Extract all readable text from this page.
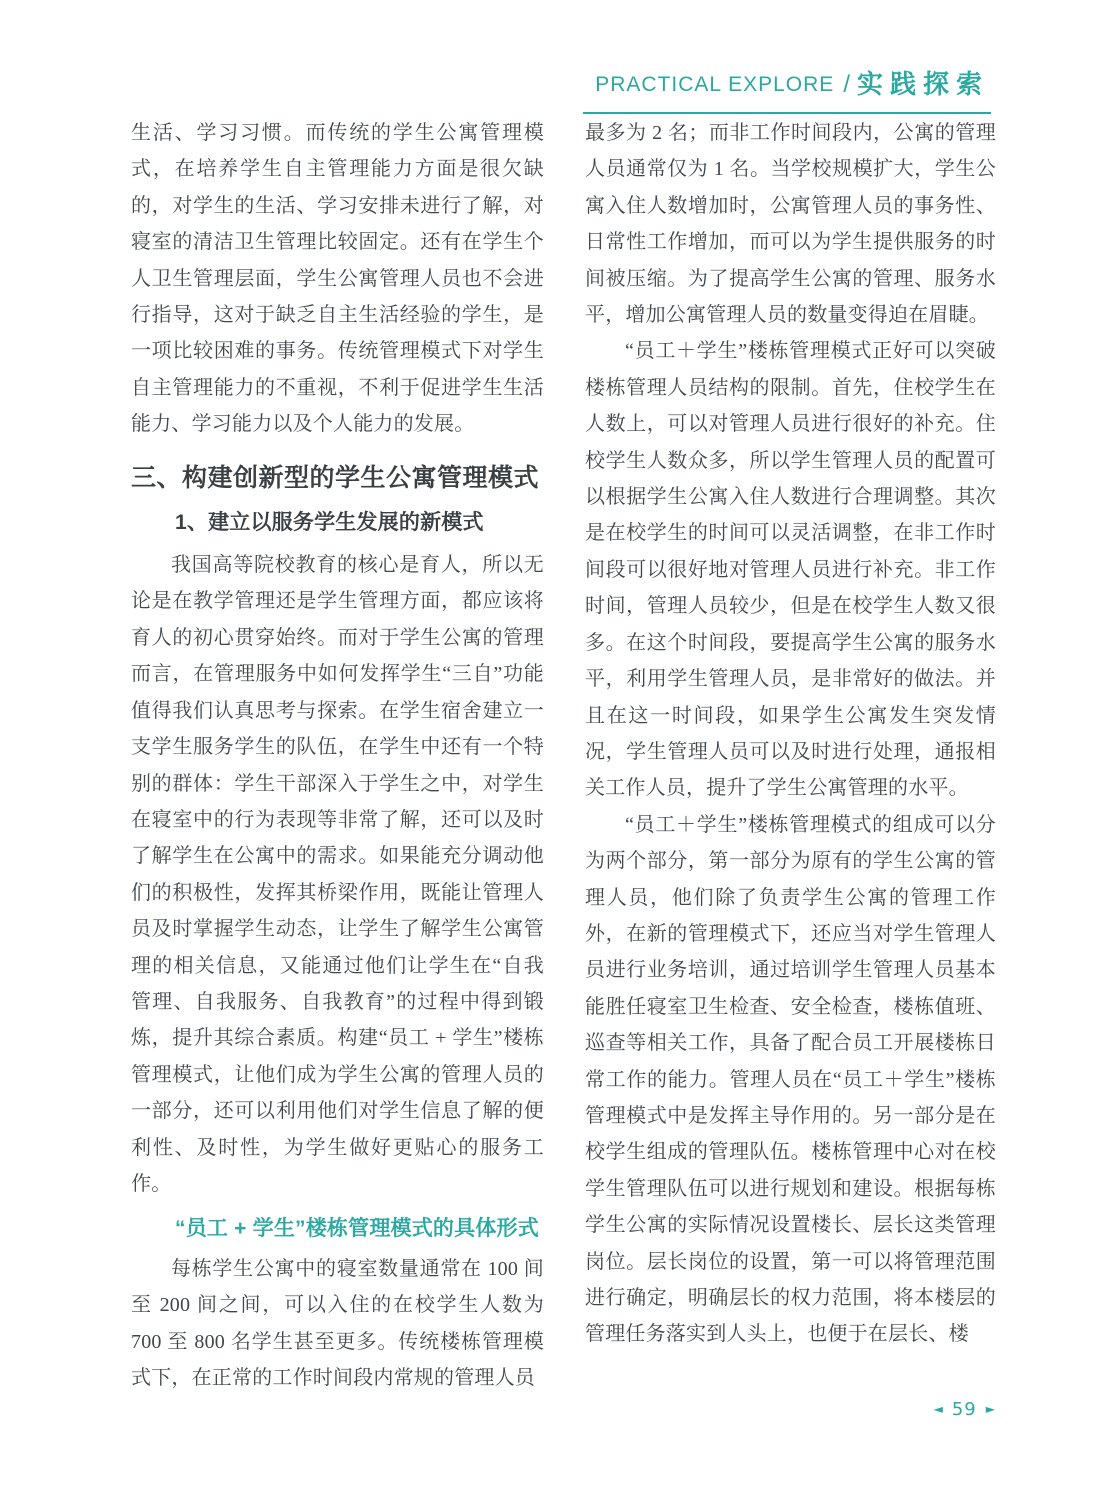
PRACTICAL EXPLORE / 实践探索

生活、学习习惯。而传统的学生公寓管理模式，在培养学生自主管理能力方面是很欠缺的，对学生的生活、学习安排未进行了解，对寝室的清洁卫生管理比较固定。还有在学生个人卫生管理层面，学生公寓管理人员也不会进行指导，这对于缺乏自主生活经验的学生，是一项比较困难的事务。传统管理模式下对学生自主管理能力的不重视，不利于促进学生生活能力、学习能力以及个人能力的发展。

三、构建创新型的学生公寓管理模式
1、建立以服务学生发展的新模式

我国高等院校教育的核心是育人，所以无论是在教学管理还是学生管理方面，都应该将育人的初心贯穿始终。而对于学生公寓的管理而言，在管理服务中如何发挥学生“三自”功能值得我们认真思考与探索。在学生宿舍建立一支学生服务学生的队伍，在学生中还有一个特别的群体：学生干部深入于学生之中，对学生在寝室中的行为表现等非常了解，还可以及时了解学生在公寓中的需求。如果能充分调动他们的积极性，发挥其桥梁作用，既能让管理人员及时掌握学生动态，让学生了解学生公寓管理的相关信息，又能通过他们让学生在“自我管理、自我服务、自我教育”的过程中得到锻炼，提升其综合素质。构建“员工 + 学生”楼栋管理模式，让他们成为学生公寓的管理人员的一部分，还可以利用他们对学生信息了解的便利性、及时性，为学生做好更贴心的服务工作。

“员工 + 学生”楼栋管理模式的具体形式

每栋学生公寓中的寝室数量通常在 100 间至 200 间之间，可以入住的在校学生人数为 700 至 800 名学生甚至更多。传统楼栋管理模式下，在正常的工作时间段内常规的管理人员

最多为 2 名；而非工作时间段内，公寓的管理人员通常仅为 1 名。当学校规模扩大，学生公寓入住人数增加时，公寓管理人员的事务性、日常性工作增加，而可以为学生提供服务的时间被压缩。为了提高学生公寓的管理、服务水平，增加公寓管理人员的数量变得迫在眉睫。

“员工＋学生”楼栋管理模式正好可以突破楼栋管理人员结构的限制。首先，住校学生在人数上，可以对管理人员进行很好的补充。住校学生人数众多，所以学生管理人员的配置可以根据学生公寓入住人数进行合理调整。其次是在校学生的时间可以灵活调整，在非工作时间段可以很好地对管理人员进行补充。非工作时间，管理人员较少，但是在校学生人数又很多。在这个时间段，要提高学生公寓的服务水平，利用学生管理人员，是非常好的做法。并且在这一时间段，如果学生公寓发生突发情况，学生管理人员可以及时进行处理，通报相关工作人员，提升了学生公寓管理的水平。

“员工＋学生”楼栋管理模式的组成可以分为两个部分，第一部分为原有的学生公寓的管理人员，他们除了负责学生公寓的管理工作外，在新的管理模式下，还应当对学生管理人员进行业务培训，通过培训学生管理人员基本能胜任寝室卫生检查、安全检查，楼栋值班、巡查等相关工作，具备了配合员工开展楼栋日常工作的能力。管理人员在“员工＋学生”楼栋管理模式中是发挥主导作用的。另一部分是在校学生组成的管理队伍。楼栋管理中心对在校学生管理队伍可以进行规划和建设。根据每栋学生公寓的实际情况设置楼长、层长这类管理岗位。层长岗位的设置，第一可以将管理范围进行确定，明确层长的权力范围，将本楼层的管理任务落实到人头上，也便于在层长、楼

◄ 59 ►
